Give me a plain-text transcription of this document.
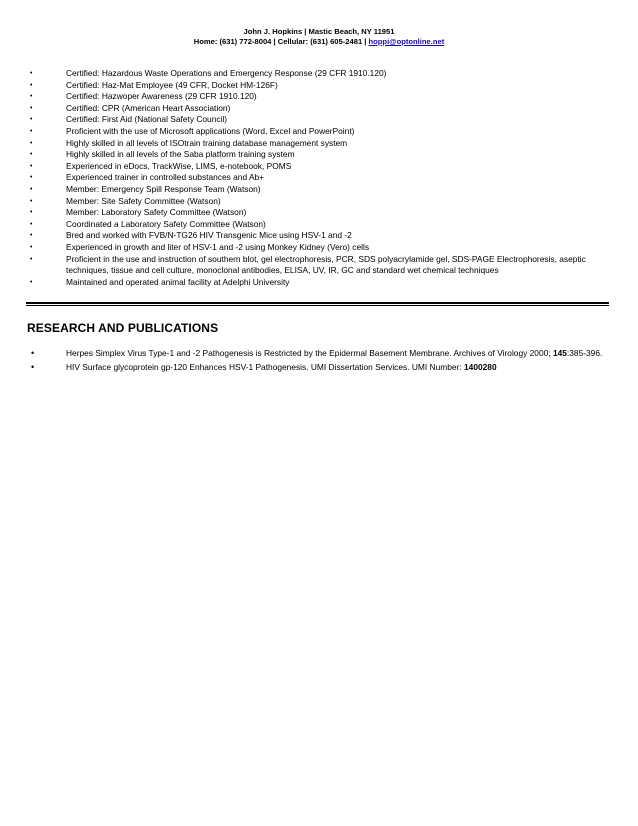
John J. Hopkins | Mastic Beach, NY 11951
Home: (631) 772-8004 | Cellular: (631) 605-2481 | hoppi@optonline.net
•	Certified: Hazardous Waste Operations and Emergency Response (29 CFR 1910.120)
•	Certified: Haz-Mat Employee (49 CFR, Docket HM-126F)
•	Certified: Hazwoper Awareness (29 CFR 1910.120)
•	Certified: CPR (American Heart Association)
•	Certified: First Aid (National Safety Council)
•	Proficient with the use of Microsoft applications (Word, Excel and PowerPoint)
•	Highly skilled in all levels of ISOtrain training database management system
•	Highly skilled in all levels of the Saba platform training system
•	Experienced in eDocs, TrackWise, LIMS, e-notebook, POMS
•	Experienced trainer in controlled substances and Ab+
•	Member: Emergency Spill Response Team (Watson)
•	Member: Site Safety Committee (Watson)
•	Member: Laboratory Safety Committee (Watson)
•	Coordinated a Laboratory Safety Committee (Watson)
•	Bred and worked with FVB/N-TG26 HIV Transgenic Mice using HSV-1 and -2
•	Experienced in growth and liter of HSV-1 and -2 using Monkey Kidney (Vero) cells
•	Proficient in the use and instruction of southern blot, gel electrophoresis, PCR, SDS polyacrylamide gel, SDS-PAGE Electrophoresis, aseptic techniques, tissue and cell culture, monoclonal antibodies, ELISA, UV, IR, GC and standard wet chemical techniques
•	Maintained and operated animal facility at Adelphi University
RESEARCH AND PUBLICATIONS
•	Herpes Simplex Virus Type-1 and -2 Pathogenesis is Restricted by the Epidermal Basement Membrane. Archives of Virology 2000; 145:385-396.
•	HIV Surface glycoprotein gp-120 Enhances HSV-1 Pathogenesis. UMI Dissertation Services. UMI Number: 1400280
